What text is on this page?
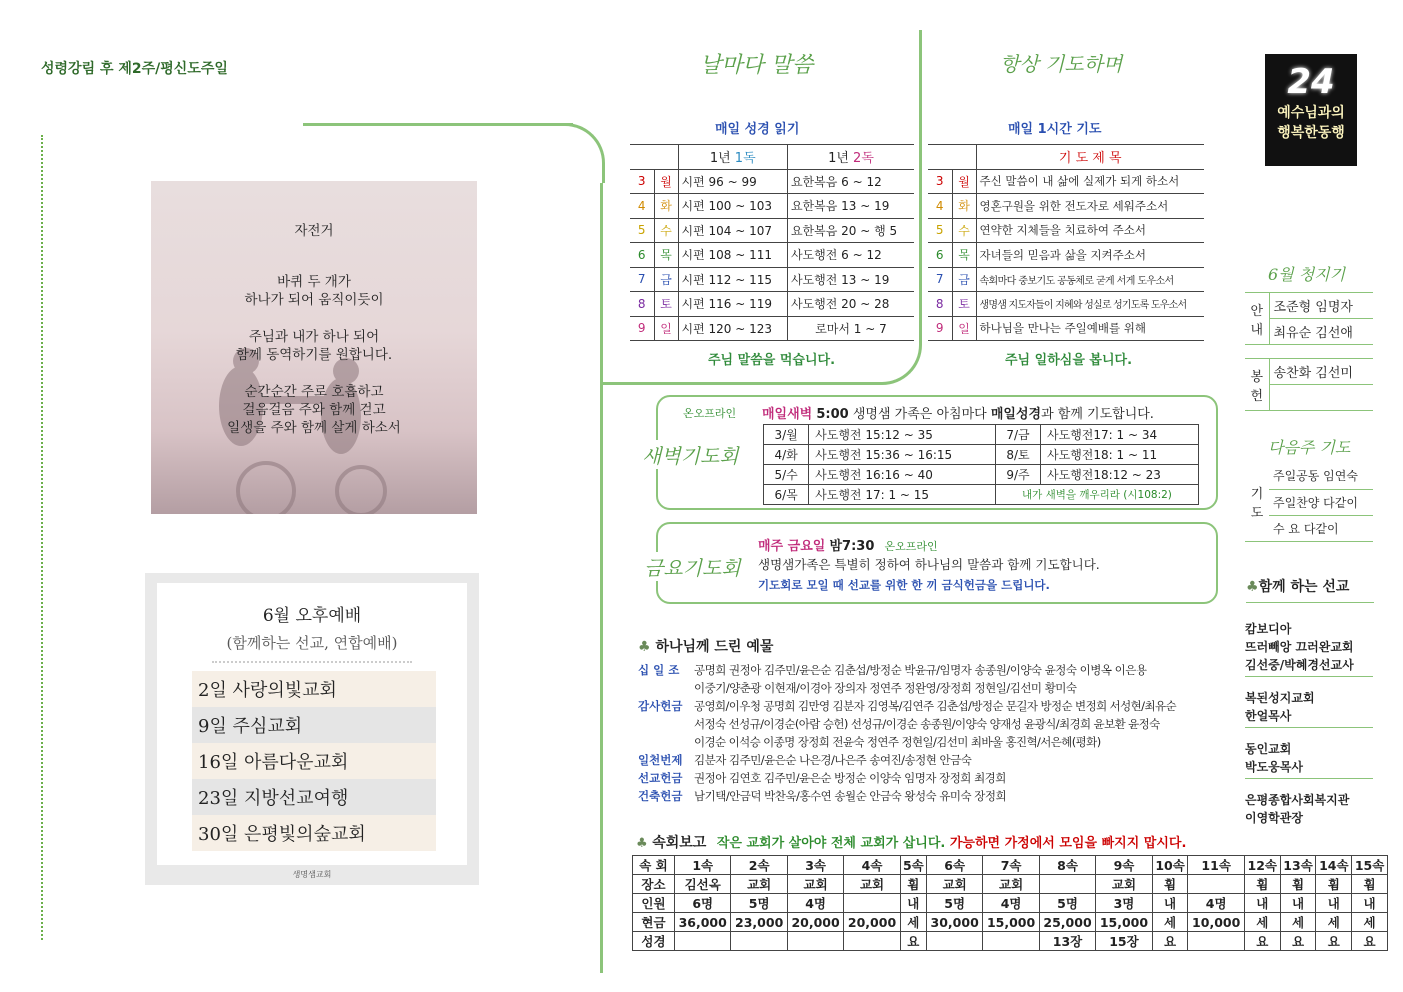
성령강림 후 제2주/평신도주일
자전거
바퀴 두 개가
하나가 되어 움직이듯이
주님과 내가 하나 되어
함께 동역하기를 원합니다.
순간순간 주로 호흡하고
걸음걸음 주와 함께 걷고
일생을 주와 함께 살게 하소서
6월 오후예배
(함께하는 선교, 연합예배)
2일 사랑의빛교회
9일 주심교회
16일 아름다운교회
23일 지방선교여행
30일 은평빛의숲교회
생명샘교회
날마다 말씀
매일 성경 읽기
		1년 1독	1년 2독
3	월	시편 96 ~ 99	요한복음 6 ~ 12
4	화	시편 100 ~ 103	요한복음 13 ~ 19
5	수	시편 104 ~ 107	요한복음 20 ~ 행 5
6	목	시편 108 ~ 111	사도행전 6 ~ 12
7	금	시편 112 ~ 115	사도행전 13 ~ 19
8	토	시편 116 ~ 119	사도행전 20 ~ 28
9	일	시편 120 ~ 123	로마서 1 ~ 7
주님 말씀을 먹습니다.
항상 기도하며
매일 1시간 기도
		기 도 제 목
3	월	주신 말씀이 내 삶에 실제가 되게 하소서
4	화	영혼구원을 위한 전도자로 세워주소서
5	수	연약한 지체들을 치료하여 주소서
6	목	자녀들의 믿음과 삶을 지켜주소서
7	금	속회마다 중보기도 공동체로 굳게 서게 도우소서
8	토	생명샘 지도자들이 지혜와 성실로 성기도록 도우소서
9	일	하나님을 만나는 주일예배를 위해
주님 일하심을 봅니다.
24
예수님과의
행복한동행
새벽기도회
온오프라인 매일새벽 5:00 생명샘 가족은 아침마다 매일성경과 함께 기도합니다.
3/월	사도행전 15:12 ~ 35	7/금	사도행전17: 1 ~ 34
4/화	사도행전 15:36 ~ 16:15	8/토	사도행전18: 1 ~ 11
5/수	사도행전 16:16 ~ 40	9/주	사도행전18:12 ~ 23
6/목	사도행전 17: 1 ~ 15	내가 새벽을 깨우리라 (시108:2)	
금요기도회
매주 금요일 밤7:30 온오프라인
생명샘가족은 특별히 정하여 하나님의 말씀과 함께 기도합니다.
기도회로 모일 때 선교를 위한 한 끼 금식헌금을 드립니다.
♣ 하나님께 드린 예물
십 일 조	공명희 권정아 김주민/윤은순 김춘섭/방정순 박윤규/임명자 송종원/이양숙 윤정숙 이병옥 이은용
이중기/양춘광 이현재/이경아 장의자 정연주 정완영/장정희 정현일/김선미 황미숙
감사헌금	공영희/이우청 공명희 김만영 김분자 김영복/김연주 김춘섭/방정순 문길자 방정순 변정희 서성현/최유순
서정숙 선성규/이경순(아람 승헌) 선성규/이경순 송종원/이양숙 양재성 윤광식/최경희 윤보환 윤정숙
이경순 이석승 이종명 장정희 전윤숙 정연주 정현일/김선미 최바울 홍진혁/서은혜(평화)
일천번제	김분자 김주민/윤은순 나은경/나은주 송여진/송정현 안금숙
선교헌금	권정아 김연호 김주민/윤은순 방정순 이양숙 임명자 장정희 최경희
건축헌금	남기택/안금덕 박찬욱/홍수연 송월순 안금숙 왕성숙 유미숙 장정희
♣ 속회보고 작은 교회가 살아야 전체 교회가 삽니다. 가능하면 가정에서 모임을 빠지지 맙시다.
속 회	1속	2속	3속	4속	5속	6속	7속	8속	9속	10속	11속	12속	13속	14속	15속
장소	김선옥	교회	교회	교회	휨	교회	교회		교회	휨		휨	휨	휨	휨
인원	6명	5명	4명		내	5명	4명	5명	3명	내	4명	내	내	내	내
현금	36,000	23,000	20,000	20,000	세	30,000	15,000	25,000	15,000	세	10,000	세	세	세	세
성경					요			13장	15장	요		요	요	요	요
6월 청지기
안내	조준형 임명자
	최유순 김선애

봉헌	송찬화 김선미

다음주 기도
기도	주일공동 임연숙
주일찬양 다같이
수 요 다같이
♣함께 하는 선교
캄보디아
뜨러빼앙 끄러완교회
김선중/박혜경선교사
복된성지교회
한얼목사
동인교회
박도웅목사
은평종합사회복지관
이영학관장
